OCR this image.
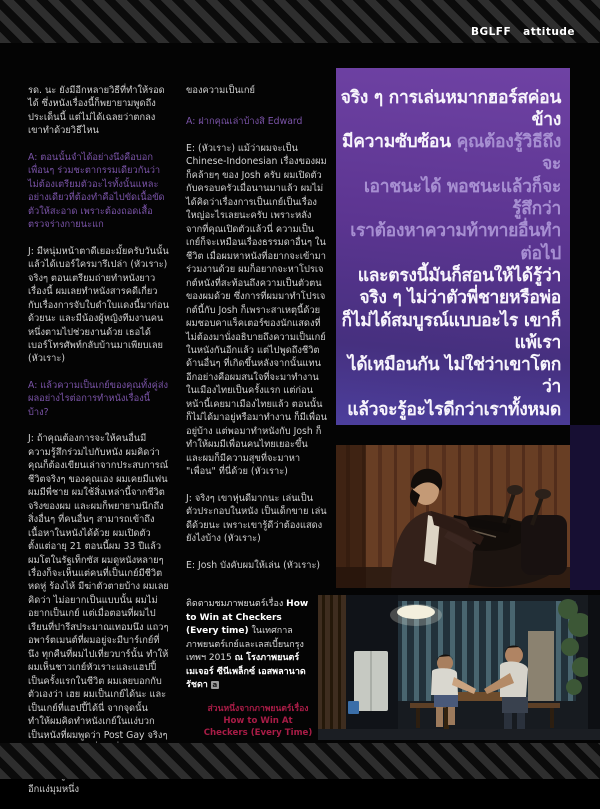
BGLFF attitude

รด. นะ ยังมีอีกหลายวิธีที่ทำให้รอดได้ ซึ่งหนังเรื่องนี้ก็พยายามพูดถึงประเด็นนี้ แต่ไม่ได้เฉลยว่าตกลงเขาทำด้วยวิธีไหน

A: ตอนนั้นจำได้อย่างนึงคือบอกเพื่อนๆ ร่วมชะตากรรมเดียวกันว่า ไม่ต้องเตรียมตัวอะไรทั้งนั้นแหละ อย่างเดียวที่ต้องทำคือไปขัดเนื้อขัดตัวให้สะอาด เพราะต้องถอดเสื้อตรวจร่างกายนะแก

J: มีหนุ่มหน้าตาดีเยอะมั้ยครับวันนั้น แล้วได้เบอร์ใครมารึเปล่า (หัวเราะ) จริงๆ ตอนเตรียมถ่ายทำหนังยาวเรื่องนี้ ผมเลยทำหนังสารคดีเกี่ยวกับเรื่องการจับใบดำใบแดงนี้มาก่อนด้วยนะ และมีน้องผู้หญิงทีมงานคนหนึ่งตามไปช่วยงานด้วย เธอได้เบอร์โทรศัพท์กลับบ้านมาเพียบเลย (หัวเราะ)

A: แล้วความเป็นเกย์ของคุณทั้งคู่ส่งผลอย่างไรต่อการทำหนังเรื่องนี้บ้าง?

J: ถ้าคุณต้องการจะให้คนอื่นมีความรู้สึกร่วมไปกับหนัง ผมคิดว่าคุณก็ต้องเขียนเล่าจากประสบการณ์ชีวิตจริงๆ ของคุณเอง ผมเคยมีแฟน ผมมีพี่ชาย ผมใช้สิ่งเหล่านี้จากชีวิตจริงของผม และผมก็พยายามนึกถึงสิ่งอื่นๆ ที่คนอื่นๆ สามารถเข้าถึงเนื้อหาในหนังได้ด้วย ผมเปิดตัวตั้งแต่อายุ 21 ตอนนี้ผม 33 ปีแล้ว ผมโตในรัฐเท็กซัส ผมดูหนังหลายๆ เรื่องก็จะเห็นแต่คนที่เป็นเกย์มีชีวิตหดหู่ ร้องไห้ มีฆ่าตัวตายบ้าง ผมเลยคิดว่า ไม่อยากเป็นแบบนั้น ผมไม่อยากเป็นเกย์ แต่เมื่อตอนที่ผมไปเรียนที่ปารีสประมาณเทอมนึง แถวๆ อพาร์ตเมนต์ที่ผมอยู่จะมีบาร์เกย์ที่นึง ทุกคืนที่ผมไปเที่ยวบาร์นั้น ทำให้ผมเห็นชาวเกย์หัวเราะและแฮปปี้เป็นครั้งแรกในชีวิต ผมเลยบอกกับตัวเองว่า เฮย ผมเป็นเกย์ได้นะ และเป็นเกย์ที่แฮปปี้ได้นี่ จากจุดนั้นทำให้ผมคิดทำหนังเกย์ในแง่บวก เป็นหนังที่ผมพูดว่า Post Gay จริงๆ อีกแง่มุมหนึ่ง

ของความเป็นเกย์

A: ฝากคุณเล่าบ้างสิ Edward

E: (หัวเราะ) แม้ว่าผมจะเป็น Chinese-Indonesian เรื่องของผมก็คล้ายๆ ของ Josh ครับ ผมเปิดตัวกับครอบครัวเมื่อนานมาแล้ว ผมไม่ได้คิดว่าเรื่องการเป็นเกย์เป็นเรื่องใหญ่อะไรเลยนะครับ เพราะหลังจากที่คุณเปิดตัวแล้วนี่ ความเป็นเกย์ก็จะเหมือนเรื่องธรรมดาอื่นๆ ในชีวิต เมื่อผมหาหนังที่อยากจะเข้ามาร่วมงานด้วย ผมก็อยากจะหาโปรเจกต์หนังที่สะท้อนถึงความเป็นตัวตนของผมด้วย ซึ่งการที่ผมมาทำโปรเจกต์นี้กับ Josh ก็เพราะสาเหตุนี้ด้วย ผมชอบคาแร็คเตอร์ของนักแสดงที่ไม่ต้องมานั่งอธิบายถึงความเป็นเกย์ในหนังกันอีกแล้ว แต่ไปพูดถึงชีวิตด้านอื่นๆ ที่เกิดขึ้นหลังจากนั้นแทน อีกอย่างคือผมสนใจที่จะมาทำงานในเมืองไทยเป็นครั้งแรก แต่ก่อนหน้านี้เคยมาเมืองไทยแล้ว ตอนนั้นก็ไม่ได้มาอยู่หรือมาทำงาน ก็มีเพื่อนอยู่บ้าง แต่พอมาทำหนังกับ Josh ก็ทำให้ผมมีเพื่อนคนไทยเยอะขึ้น และผมก็มีความสุขที่จะมาหา "เพื่อน" ที่นี่ด้วย (หัวเราะ)

J: จริงๆ เขาหุ่นดีมากนะ เล่นเป็นตัวประกอบในหนัง เป็นเด็กขาย เล่นดีด้วยนะ เพราะเขารู้ดีว่าต้องแสดงยังไงบ้าง (หัวเราะ)

E: Josh บังคับผมให้เล่น (หัวเราะ)

ติดตามชมภาพยนตร์เรื่อง How to Win at Checkers (Every time) ในเทศกาลภาพยนตร์เกย์และเลสเบี้ยนกรุงเทพฯ 2015 ณ โรงภาพยนตร์เมเจอร์ ซีนีเพล็กซ์ เอสพลานาด รัชดา a
จริง ๆ การเล่นหมากฮอร์สค่อนข้าง
มีความซับซ้อน คุณต้องรู้วิธีถึงจะ
เอาชนะได้ พอชนะแล้วก็จะรู้สึกว่า
เราต้องหาความท้าทายอื่นทำต่อไป
และตรงนี้มันก็สอนให้ได้รู้ว่า
จริง ๆ ไม่ว่าตัวพี่ชายหรือพ่อ
ก็ไม่ได้สมบูรณ์แบบอะไร เขาก็แพ้เรา
ได้เหมือนกัน ไม่ใช่ว่าเขาโตกว่า
แล้วจะรู้อะไรดีกว่าเราทั้งหมด
ส่วนหนึ่งจากภาพยนตร์เรื่อง How to Win At Checkers (Every Time)
